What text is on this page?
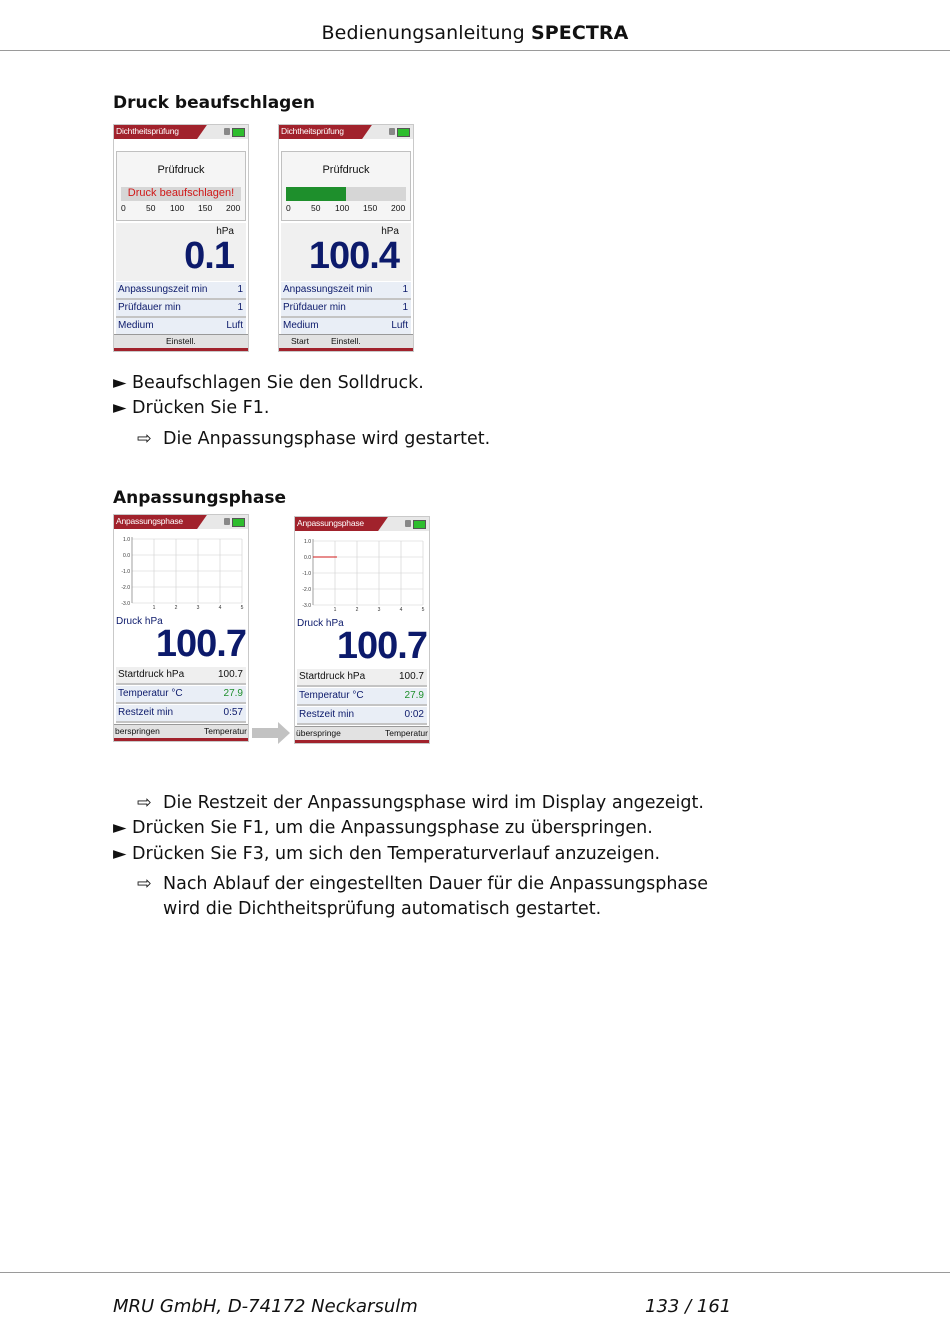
Bedienungsanleitung SPECTRA
Druck beaufschlagen
Dichtheitsprüfung
Prüfdruck
Druck beaufschlagen!
0 50 100 150 200
hPa
0.1
Anpassungszeit min	1
Prüfdauer min	1
Medium	Luft
Einstell.
Dichtheitsprüfung
Prüfdruck
0 50 100 150 200
hPa
100.4
Anpassungszeit min	1
Prüfdauer min	1
Medium	Luft
Start	Einstell.
► Beaufschlagen Sie den Solldruck.
► Drücken Sie F1.
⇨ Die Anpassungsphase wird gestartet.
Anpassungsphase
Anpassungsphase
1.0
0.0
-1.0
-2.0
-3.0
1	2	3	4	5
Druck hPa
100.7
Startdruck hPa	100.7
Temperatur °C	27.9
Restzeit min	0:57
berspringen	Temperatur
Anpassungsphase
1.0
0.0
-1.0
-2.0
-3.0
1	2	3	4	5
Druck hPa
100.7
Startdruck hPa	100.7
Temperatur °C	27.9
Restzeit min	0:02
überspringe	Temperatur
⇨ Die Restzeit der Anpassungsphase wird im Display angezeigt.
► Drücken Sie F1, um die Anpassungsphase zu überspringen.
► Drücken Sie F3, um sich den Temperaturverlauf anzuzeigen.
⇨ Nach Ablauf der eingestellten Dauer für die Anpassungsphase
wird die Dichtheitsprüfung automatisch gestartet.
MRU GmbH, D-74172 Neckarsulm	133 / 161
